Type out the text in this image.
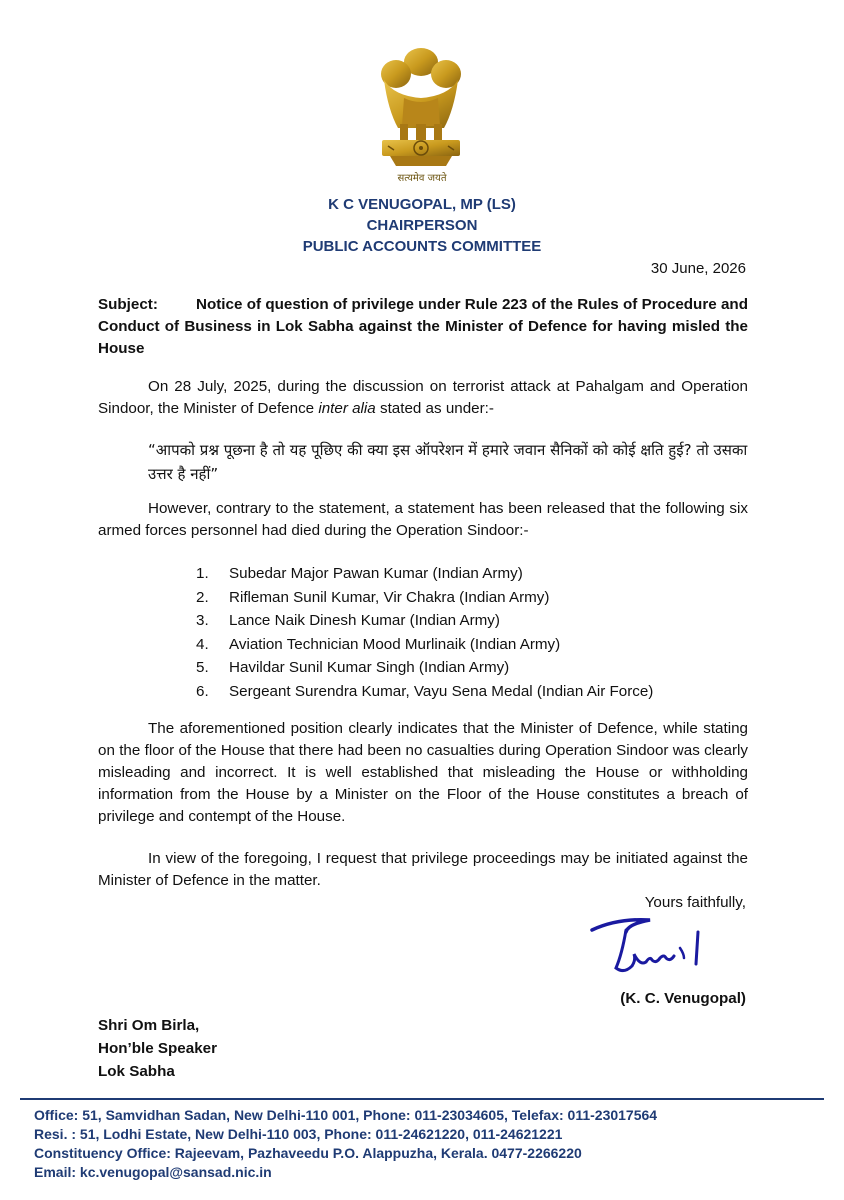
सत्यमेव जयते
K C VENUGOPAL, MP (LS)
CHAIRPERSON
PUBLIC ACCOUNTS COMMITTEE
30 June, 2026
Subject:	Notice of question of privilege under Rule 223 of the Rules of Procedure and Conduct of Business in Lok Sabha against the Minister of Defence for having misled the House
On 28 July, 2025, during the discussion on terrorist attack at Pahalgam and Operation Sindoor, the Minister of Defence inter alia stated as under:-
“आपको प्रश्न पूछना है तो यह पूछिए की क्या इस ऑपरेशन में हमारे जवान सैनिकों को कोई क्षति हुई? तो उसका उत्तर है नहीं”
However, contrary to the statement, a statement has been released that the following six armed forces personnel had died during the Operation Sindoor:-
1. Subedar Major Pawan Kumar (Indian Army)
2. Rifleman Sunil Kumar, Vir Chakra (Indian Army)
3. Lance Naik Dinesh Kumar (Indian Army)
4. Aviation Technician Mood Murlinaik (Indian Army)
5. Havildar Sunil Kumar Singh (Indian Army)
6. Sergeant Surendra Kumar, Vayu Sena Medal (Indian Air Force)
The aforementioned position clearly indicates that the Minister of Defence, while stating on the floor of the House that there had been no casualties during Operation Sindoor was clearly misleading and incorrect. It is well established that misleading the House or withholding information from the House by a Minister on the Floor of the House constitutes a breach of privilege and contempt of the House.
In view of the foregoing, I request that privilege proceedings may be initiated against the Minister of Defence in the matter.
Yours faithfully,
(K. C. Venugopal)
Shri Om Birla,
Hon’ble Speaker
Lok Sabha
Office: 51, Samvidhan Sadan, New Delhi-110 001, Phone: 011-23034605, Telefax: 011-23017564
Resi. : 51, Lodhi Estate, New Delhi-110 003, Phone: 011-24621220, 011-24621221
Constituency Office: Rajeevam, Pazhaveedu P.O. Alappuzha, Kerala. 0477-2266220
Email: kc.venugopal@sansad.nic.in
